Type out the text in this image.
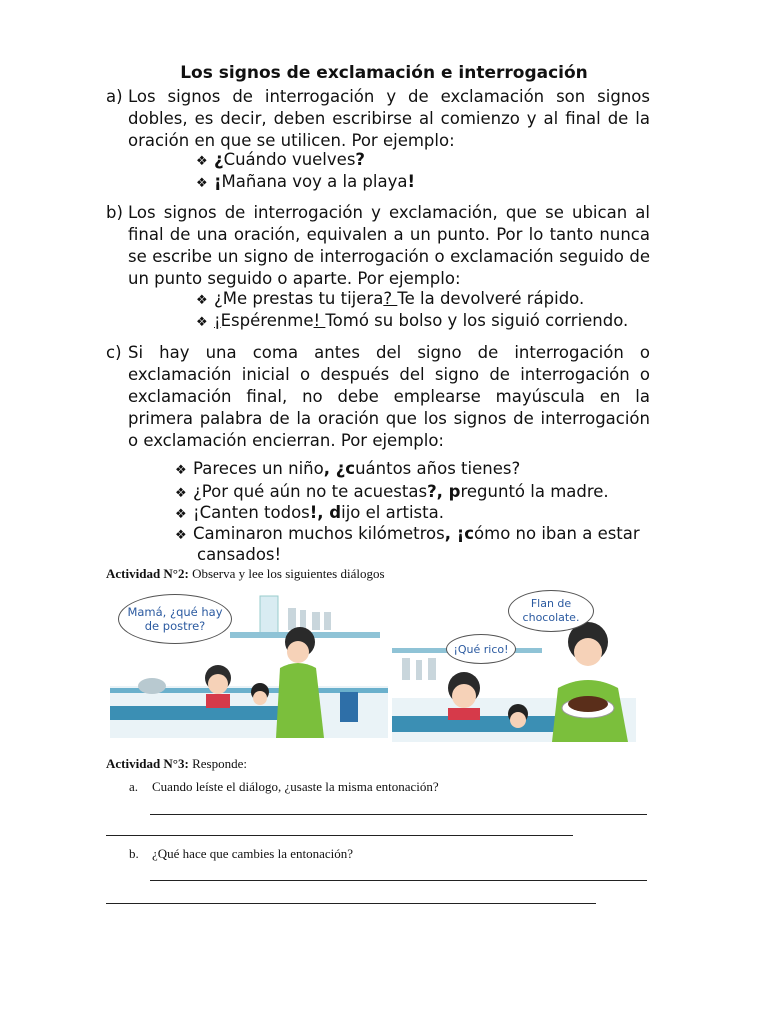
Los signos de exclamación e interrogación
a) Los signos de interrogación y de exclamación son signos dobles, es decir, deben escribirse al comienzo y al final de la oración en que se utilicen. Por ejemplo:
❖ ¿Cuándo vuelves?
❖ ¡Mañana voy a la playa!
b) Los signos de interrogación y exclamación, que se ubican al final de una oración, equivalen a un punto. Por lo tanto nunca se escribe un signo de interrogación o exclamación seguido de un punto seguido o aparte. Por ejemplo:
❖ ¿Me prestas tu tijera? Te la devolveré rápido.
❖ ¡Espérenme! Tomó su bolso y los siguió corriendo.
c) Si hay una coma antes del signo de interrogación o exclamación inicial o después del signo de interrogación o exclamación final, no debe emplearse mayúscula en la primera palabra de la oración que los signos de interrogación o exclamación encierran. Por ejemplo:
❖ Pareces un niño, ¿cuántos años tienes?
❖ ¿Por qué aún no te acuestas?, preguntó la madre.
❖ ¡Canten todos!, dijo el artista.
❖ Caminaron muchos kilómetros, ¡cómo no iban a estar
cansados!
Actividad N°2: Observa y lee los siguientes diálogos
Mamá, ¿qué hay de postre?
Flan de chocolate.
¡Qué rico!
Actividad N°3: Responde:
a. Cuando leíste el diálogo, ¿usaste la misma entonación?
b. ¿Qué hace que cambies la entonación?
